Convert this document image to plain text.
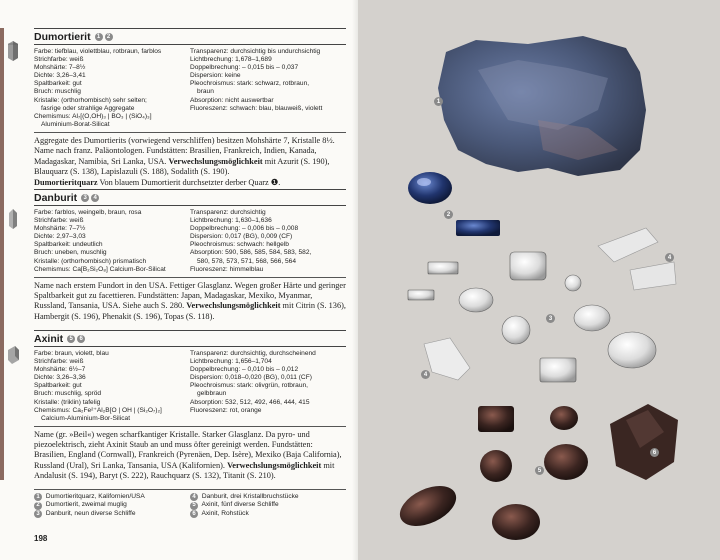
Dumortierit	1	2
Farbe: tiefblau, violettblau, rotbraun, farblos
Strichfarbe: weiß
Mohshärte: 7–8½
Dichte: 3,26–3,41
Spaltbarkeit: gut
Bruch: muschlig
Kristalle: (orthorhombisch) sehr selten;
fasrige oder strahlige Aggregate
Chemismus: Al₇[(O,OH)₃ | BO₃ | (SiO₄)₃]
Aluminium-Borat-Silicat
Transparenz: durchsichtig bis undurchsichtig
Lichtbrechung: 1,678–1,689
Doppelbrechung: – 0,015 bis – 0,037
Dispersion: keine
Pleochroismus: stark: schwarz, rotbraun,
braun
Absorption: nicht auswertbar
Fluoreszenz: schwach: blau, blauweiß, violett
Aggregate des Dumortierits (vorwiegend verschliffen) besitzen Mohshärte 7, Kristalle 8½. Name nach franz. Paläontologen. Fundstätten: Brasilien, Frankreich, Indien, Kanada, Madagaskar, Namibia, Sri Lanka, USA. Verwechslungsmöglichkeit mit Azurit (S. 190), Blauquarz (S. 138), Lapislazuli (S. 188), Sodalith (S. 190).
Dumortieritquarz Von blauem Dumortierit durchsetzter derber Quarz ❶.
Danburit	3	4
Farbe: farblos, weingelb, braun, rosa
Strichfarbe: weiß
Mohshärte: 7–7½
Dichte: 2,97–3,03
Spaltbarkeit: undeutlich
Bruch: uneben, muschlig
Kristalle: (orthorhombisch) prismatisch
Chemismus: Ca[B₂Si₂O₈] Calcium-Bor-Silicat
Transparenz: durchsichtig
Lichtbrechung: 1,630–1,636
Doppelbrechung: – 0,006 bis – 0,008
Dispersion: 0,017 (BG), 0,009 (CF)
Pleochroismus: schwach: hellgelb
Absorption: 590, 586, 585, 584, 583, 582,
580, 578, 573, 571, 568, 566, 564
Fluoreszenz: himmelblau
Name nach erstem Fundort in den USA. Fettiger Glasglanz. Wegen großer Härte und geringer Spaltbarkeit gut zu facettieren. Fundstätten: Japan, Madagaskar, Mexiko, Myanmar, Russland, Tansania, USA. Siehe auch S. 280. Verwechslungsmöglichkeit mit Citrin (S. 136), Hambergit (S. 196), Phenakit (S. 196), Topas (S. 118).
Axinit	5	6
Farbe: braun, violett, blau
Strichfarbe: weiß
Mohshärte: 6½–7
Dichte: 3,26–3,36
Spaltbarkeit: gut
Bruch: muschlig, spröd
Kristalle: (triklin) tafelig
Chemismus: Ca₂Fe²⁺Al₂B[O | OH | (Si₂O₇)₂]
Calcium-Aluminium-Bor-Silicat
Transparenz: durchsichtig, durchscheinend
Lichtbrechung: 1,656–1,704
Doppelbrechung: – 0,010 bis – 0,012
Dispersion: 0,018–0,020 (BG), 0,011 (CF)
Pleochroismus: stark: olivgrün, rotbraun,
gelbbraun
Absorption: 532, 512, 492, 466, 444, 415
Fluoreszenz: rot, orange
Name (gr. »Beil«) wegen scharfkantiger Kristalle. Starker Glasglanz. Da pyro- und piezoelektrisch, zieht Axinit Staub an und muss öfter gereinigt werden. Fundstätten: Brasilien, England (Cornwall), Frankreich (Pyrenäen, Dep. Isère), Mexiko (Baja California), Russland (Ural), Sri Lanka, Tansania, USA (Kalifornien). Verwechslungsmöglichkeit mit Andalusit (S. 194), Baryt (S. 222), Rauchquarz (S. 132), Titanit (S. 210).
1 Dumortieritquarz, Kalifornien/USA
2 Dumortierit, zweimal muglig
3 Danburit, neun diverse Schliffe
4 Danburit, drei Kristallbruchstücke
5 Axinit, fünf diverse Schliffe
6 Axinit, Rohstück
198
1
2
3
4
5
6
4
